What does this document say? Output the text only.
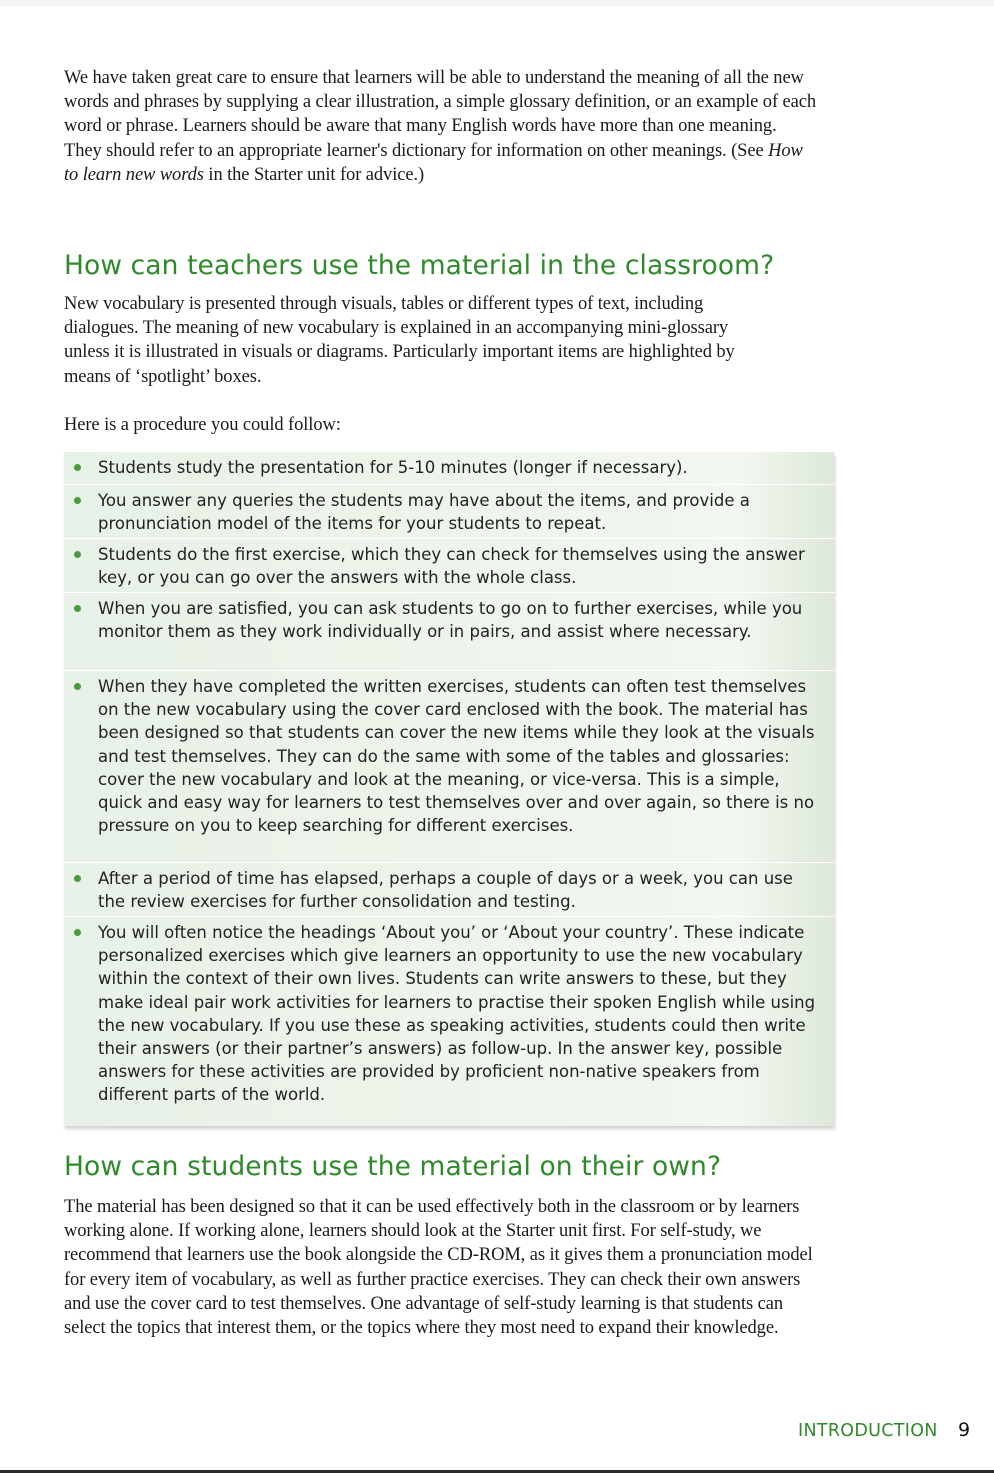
We have taken great care to ensure that learners will be able to understand the meaning of all the new words and phrases by supplying a clear illustration, a simple glossary definition, or an example of each word or phrase. Learners should be aware that many English words have more than one meaning. They should refer to an appropriate learner's dictionary for information on other meanings. (See How to learn new words in the Starter unit for advice.)

How can teachers use the material in the classroom?

New vocabulary is presented through visuals, tables or different types of text, including dialogues. The meaning of new vocabulary is explained in an accompanying mini-glossary unless it is illustrated in visuals or diagrams. Particularly important items are highlighted by means of ‘spotlight’ boxes.

Here is a procedure you could follow:

Students study the presentation for 5-10 minutes (longer if necessary).
You answer any queries the students may have about the items, and provide a pronunciation model of the items for your students to repeat.
Students do the first exercise, which they can check for themselves using the answer key, or you can go over the answers with the whole class.
When you are satisfied, you can ask students to go on to further exercises, while you monitor them as they work individually or in pairs, and assist where necessary.
When they have completed the written exercises, students can often test themselves on the new vocabulary using the cover card enclosed with the book. The material has been designed so that students can cover the new items while they look at the visuals and test themselves. They can do the same with some of the tables and glossaries: cover the new vocabulary and look at the meaning, or vice-versa. This is a simple, quick and easy way for learners to test themselves over and over again, so there is no pressure on you to keep searching for different exercises.
After a period of time has elapsed, perhaps a couple of days or a week, you can use the review exercises for further consolidation and testing.
You will often notice the headings ‘About you’ or ‘About your country’. These indicate personalized exercises which give learners an opportunity to use the new vocabulary within the context of their own lives. Students can write answers to these, but they make ideal pair work activities for learners to practise their spoken English while using the new vocabulary. If you use these as speaking activities, students could then write their answers (or their partner’s answers) as follow-up. In the answer key, possible answers for these activities are provided by proficient non-native speakers from different parts of the world.
How can students use the material on their own?

The material has been designed so that it can be used effectively both in the classroom or by learners working alone. If working alone, learners should look at the Starter unit first. For self-study, we recommend that learners use the book alongside the CD-ROM, as it gives them a pronunciation model for every item of vocabulary, as well as further practice exercises. They can check their own answers and use the cover card to test themselves. One advantage of self-study learning is that students can select the topics that interest them, or the topics where they most need to expand their knowledge.

INTRODUCTION 9
